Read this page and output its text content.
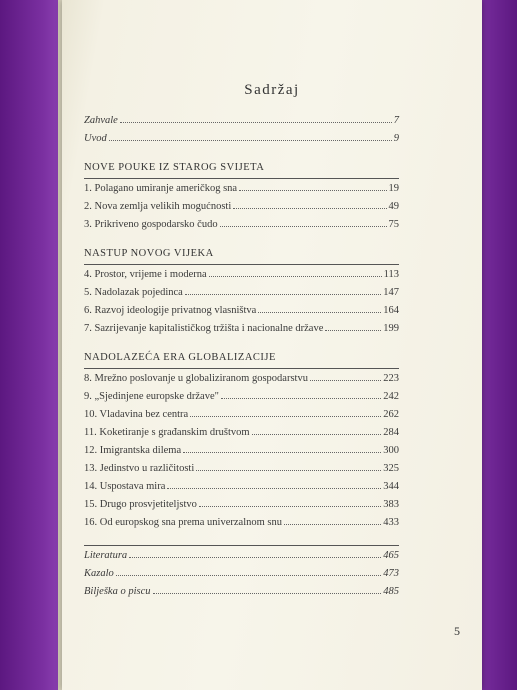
Sadržaj
Zahvale	7
Uvod	9
NOVE POUKE IZ STAROG SVIJETA
1. Polagano umiranje američkog sna	19
2. Nova zemlja velikih mogućnosti	49
3. Prikriveno gospodarsko čudo	75
NASTUP NOVOG VIJEKA
4. Prostor, vrijeme i moderna	113
5. Nadolazak pojedinca	147
6. Razvoj ideologije privatnog vlasništva	164
7. Sazrijevanje kapitalističkog tržišta i nacionalne države	199
NADOLAZEĆA ERA GLOBALIZACIJE
8. Mrežno poslovanje u globaliziranom gospodarstvu	223
9. „Sjedinjene europske države"	242
10. Vladavina bez centra	262
11. Koketiranje s građanskim društvom	284
12. Imigrantska dilema	300
13. Jedinstvo u različitosti	325
14. Uspostava mira	344
15. Drugo prosvjetiteljstvo	383
16. Od europskog sna prema univerzalnom snu	433
Literatura	465
Kazalo	473
Bilješka o piscu	485
5
